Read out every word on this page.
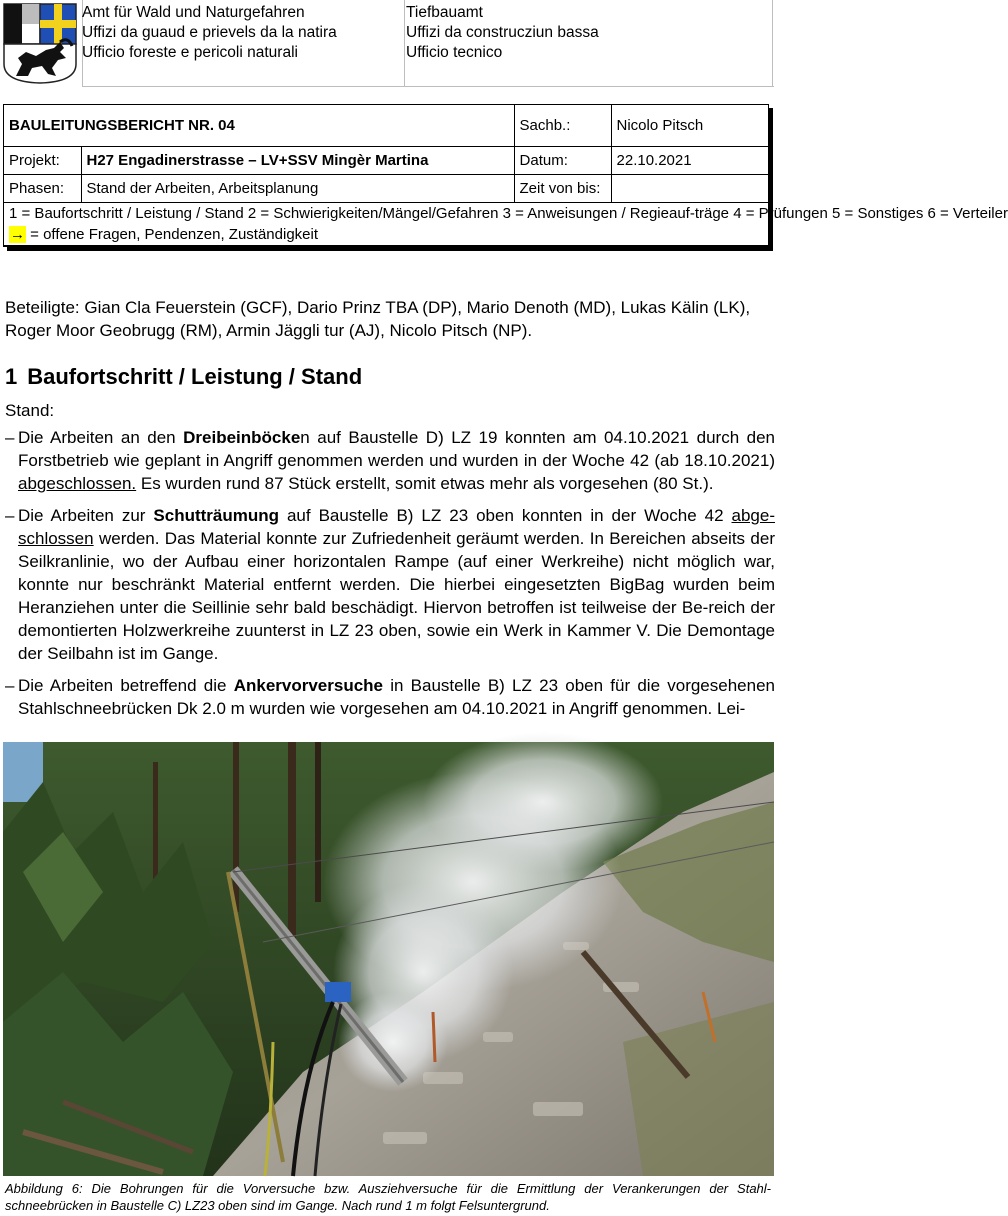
Amt für Wald und Naturgefahren
Uffizi da guaud e prievels da la natira
Ufficio foreste e pericoli naturali
Tiefbauamt
Uffizi da construcziun bassa
Ufficio tecnico
BAULEITUNGSBERICHT NR. 04		Sachb.:	Nicolo Pitsch
Projekt:	H27 Engadinerstrasse – LV+SSV Mingèr Martina	Datum:	22.10.2021
Phasen:	Stand der Arbeiten, Arbeitsplanung	Zeit von bis:	

1 = Baufortschritt / Leistung / Stand 2 = Schwierigkeiten/Mängel/Gefahren 3 = Anweisungen / Regieauf-träge 4 = Prüfungen 5 = Sonstiges 6 = Verteiler
→ = offene Fragen, Pendenzen, Zuständigkeit			
Beteiligte: Gian Cla Feuerstein (GCF), Dario Prinz TBA (DP), Mario Denoth (MD), Lukas Kälin (LK), Roger Moor Geobrugg (RM), Armin Jäggli tur (AJ), Nicolo Pitsch (NP).
1 Baufortschritt / Leistung / Stand
Stand:
– Die Arbeiten an den Dreibeinböcken auf Baustelle D) LZ 19 konnten am 04.10.2021 durch den Forstbetrieb wie geplant in Angriff genommen werden und wurden in der Woche 42 (ab 18.10.2021) abgeschlossen. Es wurden rund 87 Stück erstellt, somit etwas mehr als vorgesehen (80 St.).
– Die Arbeiten zur Schutträumung auf Baustelle B) LZ 23 oben konnten in der Woche 42 abge-schlossen werden. Das Material konnte zur Zufriedenheit geräumt werden. In Bereichen abseits der Seilkranlinie, wo der Aufbau einer horizontalen Rampe (auf einer Werkreihe) nicht möglich war, konnte nur beschränkt Material entfernt werden. Die hierbei eingesetzten BigBag wurden beim Heranziehen unter die Seillinie sehr bald beschädigt. Hiervon betroffen ist teilweise der Be-reich der demontierten Holzwerkreihe zuunterst in LZ 23 oben, sowie ein Werk in Kammer V. Die Demontage der Seilbahn ist im Gange.
– Die Arbeiten betreffend die Ankervorversuche in Baustelle B) LZ 23 oben für die vorgesehenen Stahlschneebrücken Dk 2.0 m wurden wie vorgesehen am 04.10.2021 in Angriff genommen. Lei-
Abbildung 6: Die Bohrungen für die Vorversuche bzw. Ausziehversuche für die Ermittlung der Verankerungen der Stahl-schneebrücken in Baustelle C) LZ23 oben sind im Gange. Nach rund 1 m folgt Felsuntergrund.
